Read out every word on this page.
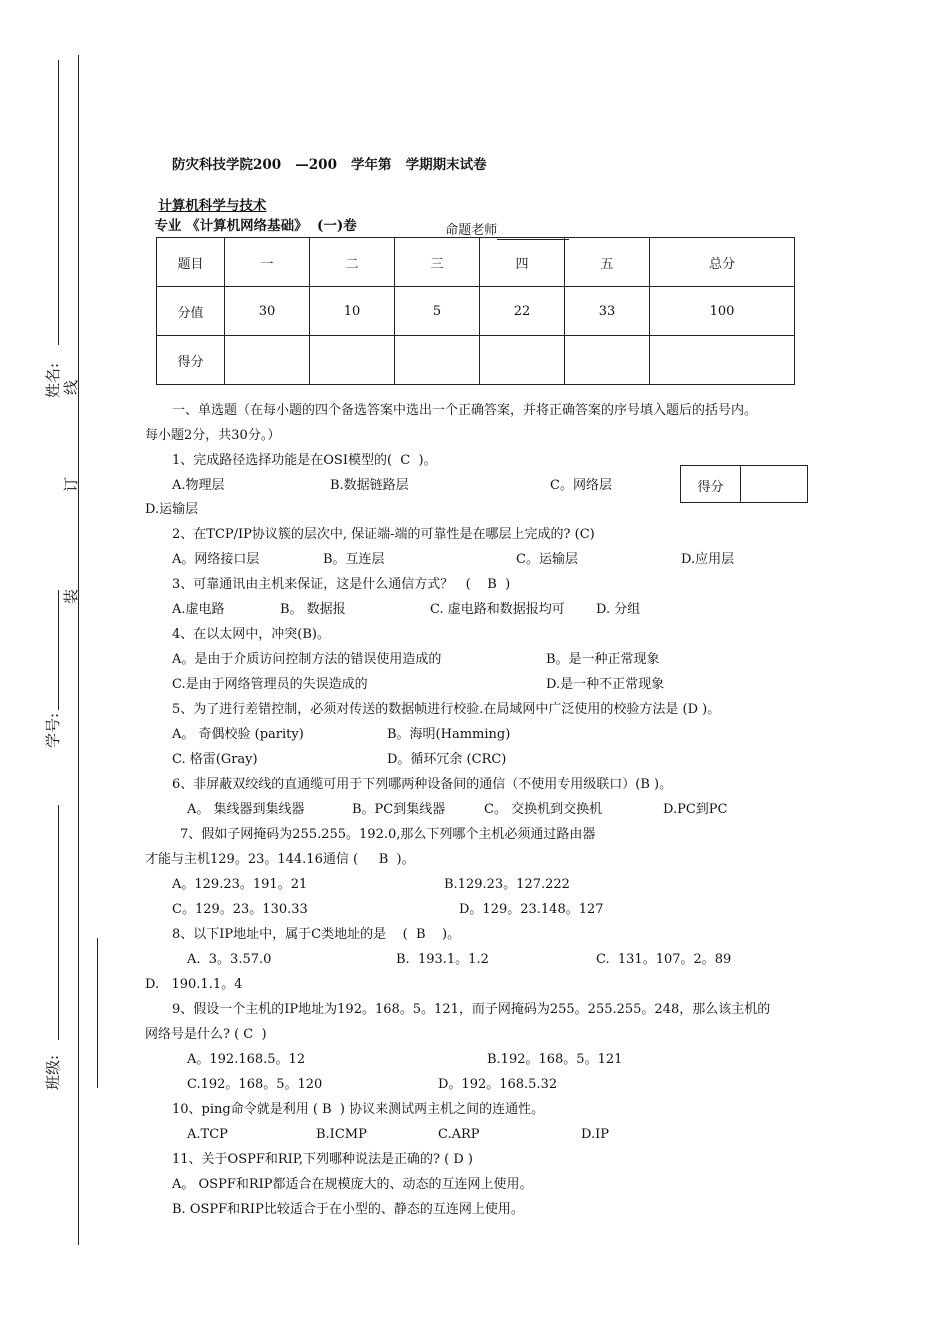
姓名:
学号:
班级:
线
订
装
防灾科技学院200   —200   学年第   学期期末试卷

计算机科学与技术
专业 《计算机网络基础》  (一)卷	命题老师

题目	一	二	三	四	五	总分
分值	30	10	5	22	33	100
得分						
得分
一、单选题（在每小题的四个备选答案中选出一个正确答案，并将正确答案的序号填入题后的括号内。
每小题2分，共30分。）
1、完成路径选择功能是在OSI模型的(  C  )。
A.物理层	B.数据链路层	C。网络层
D.运输层
2、在TCP/IP协议簇的层次中, 保证端-端的可靠性是在哪层上完成的? (C)
A。网络接口层	B。互连层	C。运输层	D.应用层
3、可靠通讯由主机来保证，这是什么通信方式？   (    B  )
A.虚电路	B。 数据报	C. 虚电路和数据报均可 D. 分组
4、在以太网中，冲突(B)。
A。是由于介质访问控制方法的错误使用造成的	B。是一种正常现象
C.是由于网络管理员的失误造成的	D.是一种不正常现象
5、为了进行差错控制，必须对传送的数据帧进行校验.在局域网中广泛使用的校验方法是 (D )。
A。 奇偶校验 (parity)	B。海明(Hamming)
C. 格雷(Gray)	D。循环冗余 (CRC)
6、非屏蔽双绞线的直通缆可用于下列哪两种设备间的通信（不使用专用级联口）(B )。
A。 集线器到集线器	B。PC到集线器	C。 交换机到交换机	D.PC到PC
7、假如子网掩码为255.255。192.0,那么下列哪个主机必须通过路由器
才能与主机129。23。144.16通信 (     B  )。
A。129.23。191。21	B.129.23。127.222
C。129。23。130.33	D。129。23.148。127
8、以下IP地址中，属于C类地址的是    (  B    )。
A.  3。3.57.0	B.  193.1。1.2	C.  131。107。2。89
D.   190.1.1。4
9、假设一个主机的IP地址为192。168。5。121，而子网掩码为255。255.255。248，那么该主机的
网络号是什么? ( C  )
A。192.168.5。12	B.192。168。5。121
C.192。168。5。120	D。192。168.5.32
10、ping命令就是利用 ( B  ) 协议来测试两主机之间的连通性。
A.TCP	B.ICMP	C.ARP	D.IP
11、关于OSPF和RIP,下列哪种说法是正确的? ( D )
A。 OSPF和RIP都适合在规模庞大的、动态的互连网上使用。
B. OSPF和RIP比较适合于在小型的、静态的互连网上使用。
